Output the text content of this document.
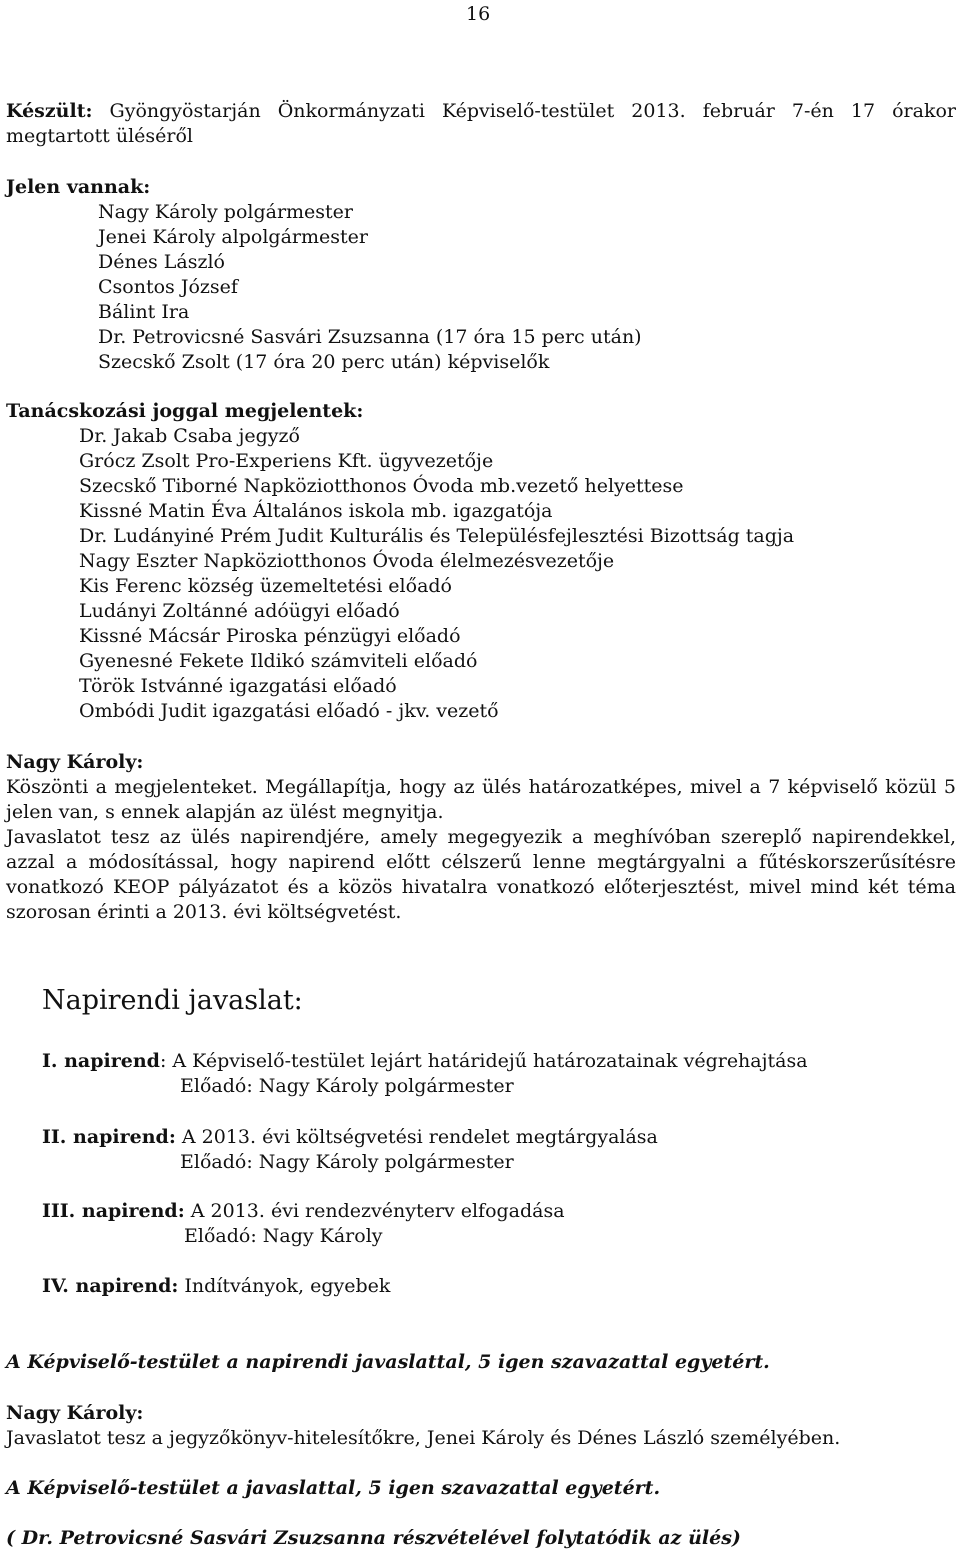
16
Készült: Gyöngyöstarján Önkormányzati Képviselő-testület 2013. február 7-én 17 órakor
megtartott üléséről
Jelen vannak:
Nagy Károly polgármester
Jenei Károly alpolgármester
Dénes László
Csontos József
Bálint Ira
Dr. Petrovicsné Sasvári Zsuzsanna (17 óra 15 perc után)
Szecskő Zsolt (17 óra 20 perc után) képviselők
Tanácskozási joggal megjelentek:
Dr. Jakab Csaba jegyző
Grócz Zsolt Pro-Experiens Kft. ügyvezetője
Szecskő Tiborné Napköziotthonos Óvoda mb.vezető helyettese
Kissné Matin Éva Általános iskola mb. igazgatója
Dr. Ludányiné Prém Judit Kulturális és Településfejlesztési Bizottság tagja
Nagy Eszter Napköziotthonos Óvoda élelmezésvezetője
Kis Ferenc község üzemeltetési előadó
Ludányi Zoltánné adóügyi előadó
Kissné Mácsár Piroska pénzügyi előadó
Gyenesné Fekete Ildikó számviteli előadó
Török Istvánné igazgatási előadó
Ombódi Judit igazgatási előadó - jkv. vezető
Nagy Károly:
Köszönti a megjelenteket. Megállapítja, hogy az ülés határozatképes, mivel a 7 képviselő közül 5
jelen van, s ennek alapján az ülést megnyitja.
Javaslatot tesz az ülés napirendjére, amely megegyezik a meghívóban szereplő napirendekkel,
azzal a módosítással, hogy napirend előtt célszerű lenne megtárgyalni a fűtéskorszerűsítésre
vonatkozó KEOP pályázatot és a közös hivatalra vonatkozó előterjesztést, mivel mind két téma
szorosan érinti a 2013. évi költségvetést.
Napirendi javaslat:
I. napirend: A Képviselő-testület lejárt határidejű határozatainak végrehajtása
Előadó: Nagy Károly polgármester
II. napirend: A 2013. évi költségvetési rendelet megtárgyalása
Előadó: Nagy Károly polgármester
III. napirend: A 2013. évi rendezvényterv elfogadása
Előadó: Nagy Károly
IV. napirend: Indítványok, egyebek
A Képviselő-testület a napirendi javaslattal, 5 igen szavazattal egyetért.
Nagy Károly:
Javaslatot tesz a jegyzőkönyv-hitelesítőkre, Jenei Károly és Dénes László személyében.
A Képviselő-testület a javaslattal, 5 igen szavazattal egyetért.
( Dr. Petrovicsné Sasvári Zsuzsanna részvételével folytatódik az ülés)
